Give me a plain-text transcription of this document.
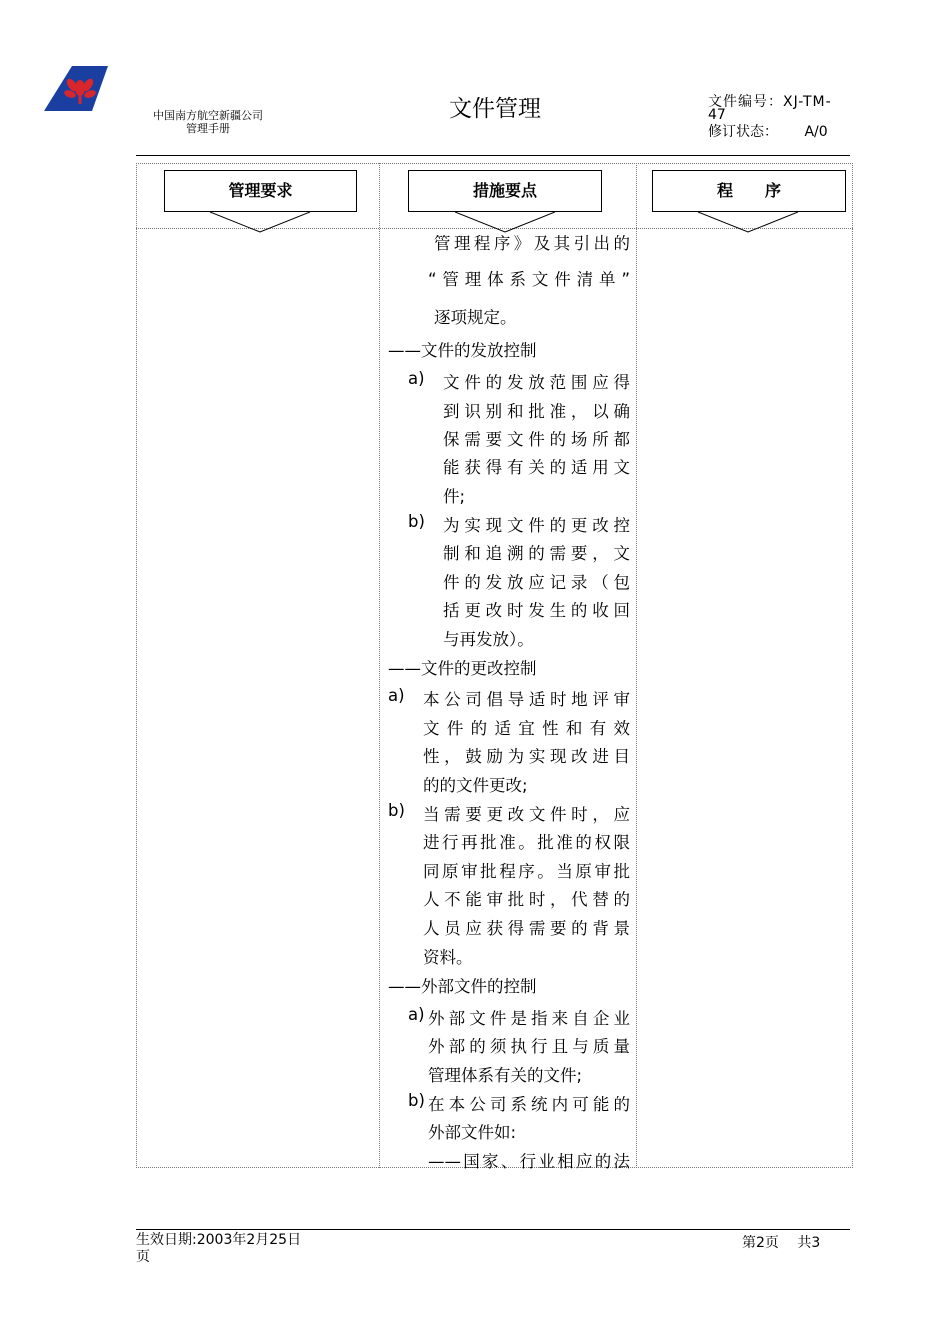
中国南方航空新疆公司
管理手册
文件管理	文件编号：XJ-TM-
47
修订状态： A/0
管理要求	措施要点	程　　序
管理程序》及其引出的
“管理体系文件清单”
逐项规定。
——文件的发放控制
a) 文件的发放范围应得
到识别和批准，以确
保需要文件的场所都
能获得有关的适用文
件;
b) 为实现文件的更改控
制和追溯的需要，文
件的发放应记录（包
括更改时发生的收回
与再发放）。
——文件的更改控制
a) 本公司倡导适时地评审
文件的适宜性和有效
性，鼓励为实现改进目
的的文件更改;
b) 当需要更改文件时，应
进行再批准。批准的权限
同原审批程序。当原审批
人不能审批时，代替的
人员应获得需要的背景
资料。
——外部文件的控制
a) 外部文件是指来自企业
外部的须执行且与质量
管理体系有关的文件;
b) 在本公司系统内可能的
外部文件如:
——国家、行业相应的法
生效日期:2003年2月25日
页
第2页　 共3
